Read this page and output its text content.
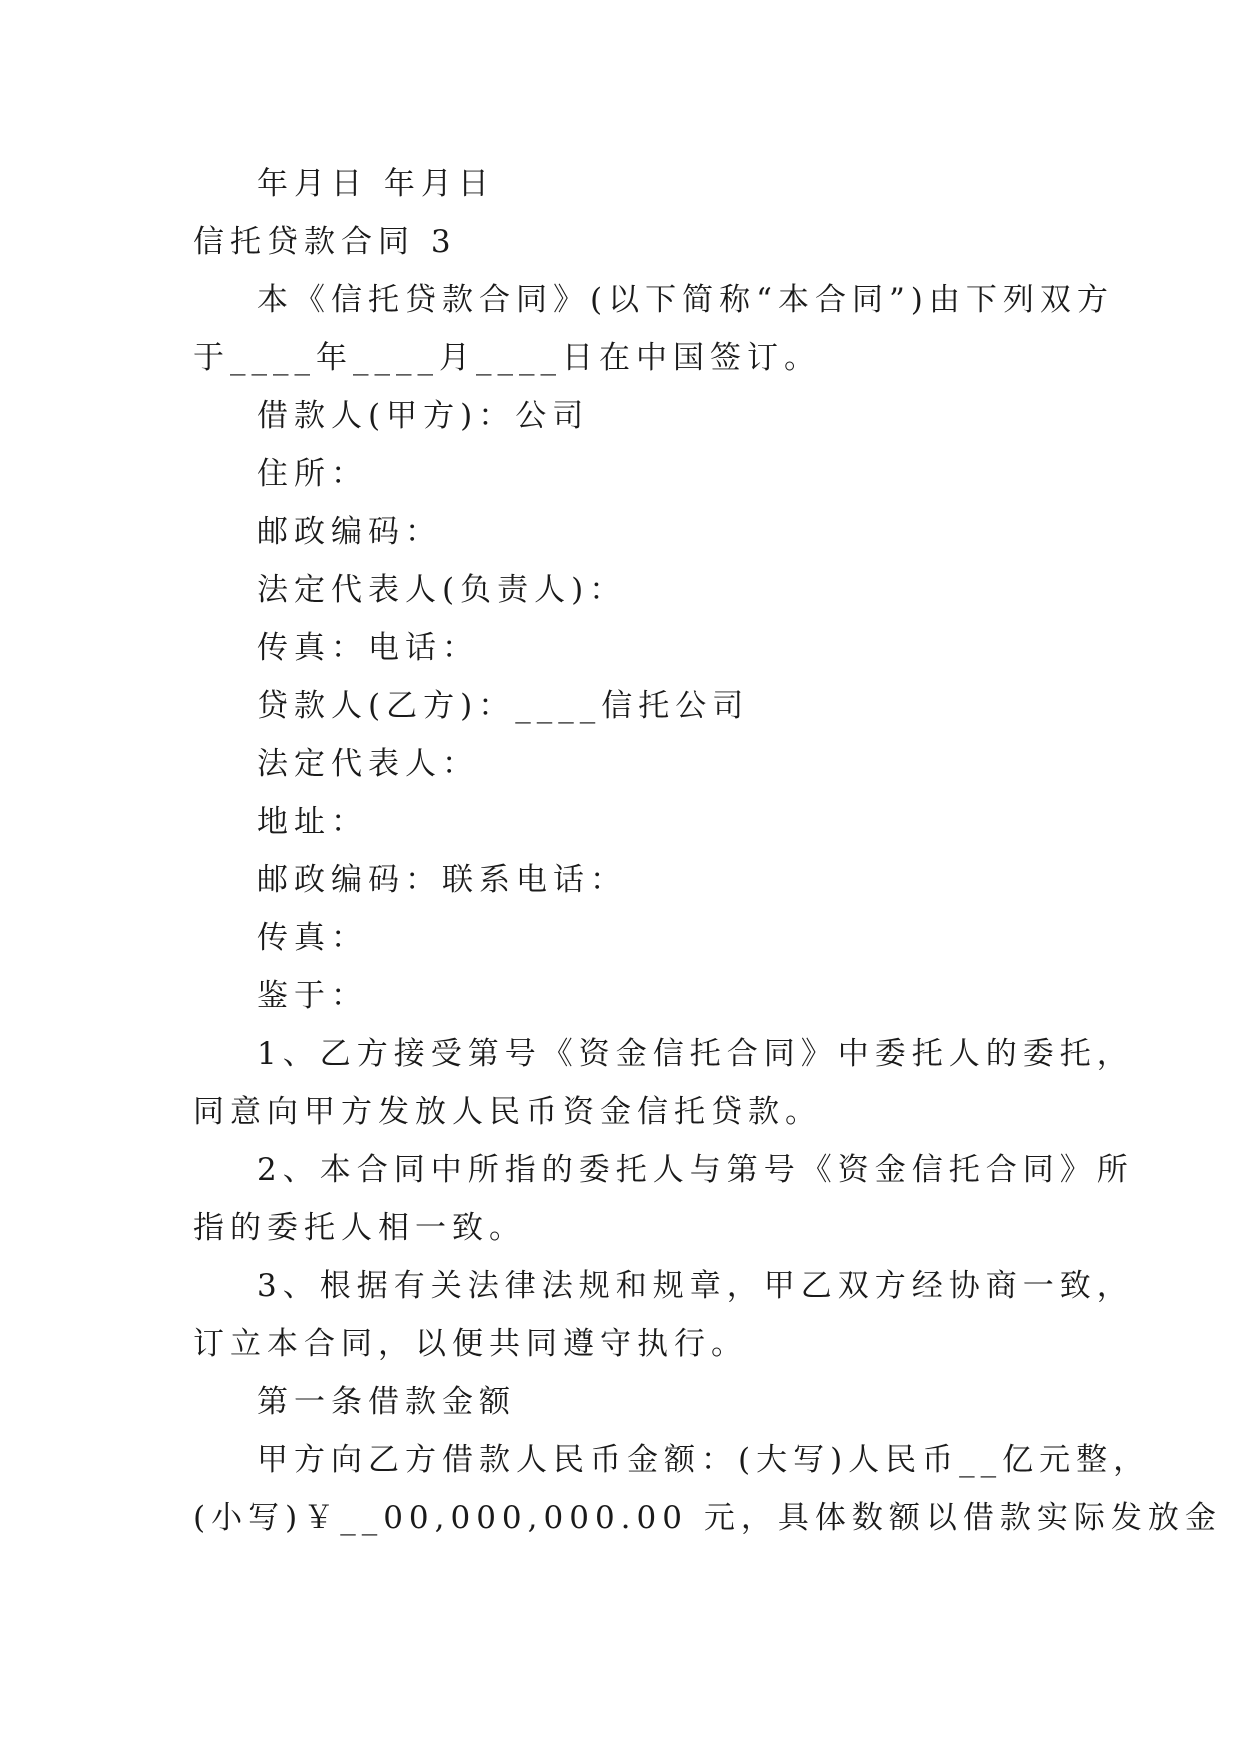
年月日 年月日

信托贷款合同 3

本《信托贷款合同》(以下简称“本合同”)由下列双方

于____年____月____日在中国签订。

借款人(甲方)：公司

住所：

邮政编码：

法定代表人(负责人)：

传真：电话：

贷款人(乙方)：____信托公司

法定代表人：

地址：

邮政编码：联系电话：

传真：

鉴于：

1、乙方接受第号《资金信托合同》中委托人的委托，

同意向甲方发放人民币资金信托贷款。

2、本合同中所指的委托人与第号《资金信托合同》所

指的委托人相一致。

3、根据有关法律法规和规章，甲乙双方经协商一致，

订立本合同，以便共同遵守执行。

第一条借款金额

甲方向乙方借款人民币金额：(大写)人民币__亿元整，

(小写)￥__00,000,000.00 元，具体数额以借款实际发放金
